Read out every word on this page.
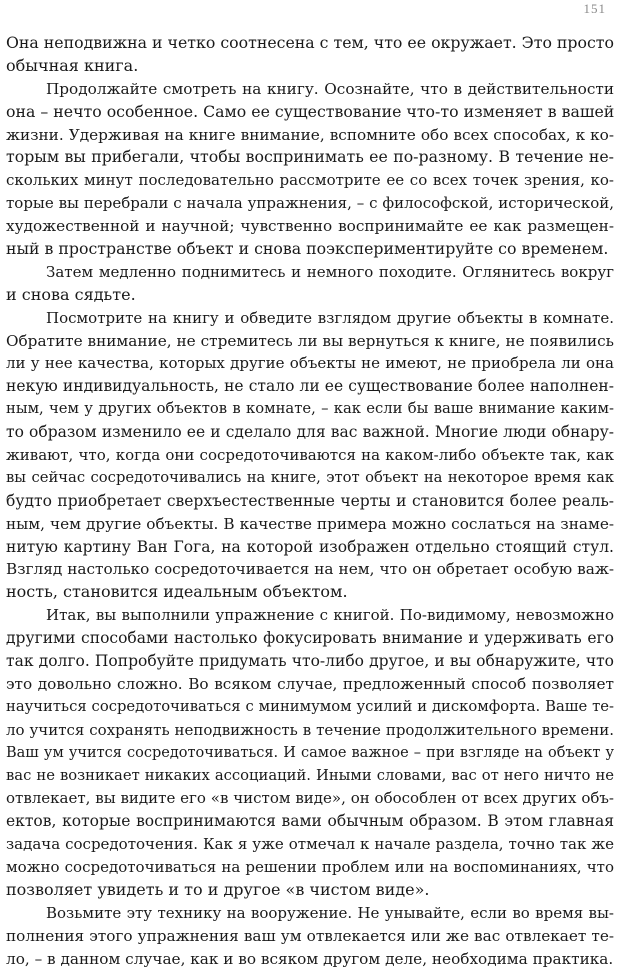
151
Она неподвижна и четко соотнесена с тем, что ее окружает. Это просто
обычная книга.
Продолжайте смотреть на книгу. Осознайте, что в действительности
она – нечто особенное. Само ее существование что-то изменяет в вашей
жизни. Удерживая на книге внимание, вспомните обо всех способах, к ко-
торым вы прибегали, чтобы воспринимать ее по-разному. В течение не-
скольких минут последовательно рассмотрите ее со всех точек зрения, ко-
торые вы перебрали с начала упражнения, – с философской, исторической,
художественной и научной; чувственно воспринимайте ее как размещен-
ный в пространстве объект и снова поэкспериментируйте со временем.
Затем медленно поднимитесь и немного походите. Оглянитесь вокруг
и снова сядьте.
Посмотрите на книгу и обведите взглядом другие объекты в комнате.
Обратите внимание, не стремитесь ли вы вернуться к книге, не появились
ли у нее качества, которых другие объекты не имеют, не приобрела ли она
некую индивидуальность, не стало ли ее существование более наполнен-
ным, чем у других объектов в комнате, – как если бы ваше внимание каким-
то образом изменило ее и сделало для вас важной. Многие люди обнару-
живают, что, когда они сосредоточиваются на каком-либо объекте так, как
вы сейчас сосредоточивались на книге, этот объект на некоторое время как
будто приобретает сверхъестественные черты и становится более реаль-
ным, чем другие объекты. В качестве примера можно сослаться на знаме-
нитую картину Ван Гога, на которой изображен отдельно стоящий стул.
Взгляд настолько сосредоточивается на нем, что он обретает особую важ-
ность, становится идеальным объектом.
Итак, вы выполнили упражнение с книгой. По-видимому, невозможно
другими способами настолько фокусировать внимание и удерживать его
так долго. Попробуйте придумать что-либо другое, и вы обнаружите, что
это довольно сложно. Во всяком случае, предложенный способ позволяет
научиться сосредоточиваться с минимумом усилий и дискомфорта. Ваше те-
ло учится сохранять неподвижность в течение продолжительного времени.
Ваш ум учится сосредоточиваться. И самое важное – при взгляде на объект у
вас не возникает никаких ассоциаций. Иными словами, вас от него ничто не
отвлекает, вы видите его «в чистом виде», он обособлен от всех других объ-
ектов, которые воспринимаются вами обычным образом. В этом главная
задача сосредоточения. Как я уже отмечал к начале раздела, точно так же
можно сосредоточиваться на решении проблем или на воспоминаниях, что
позволяет увидеть и то и другое «в чистом виде».
Возьмите эту технику на вооружение. Не унывайте, если во время вы-
полнения этого упражнения ваш ум отвлекается или же вас отвлекает те-
ло, – в данном случае, как и во всяком другом деле, необходима практика.
